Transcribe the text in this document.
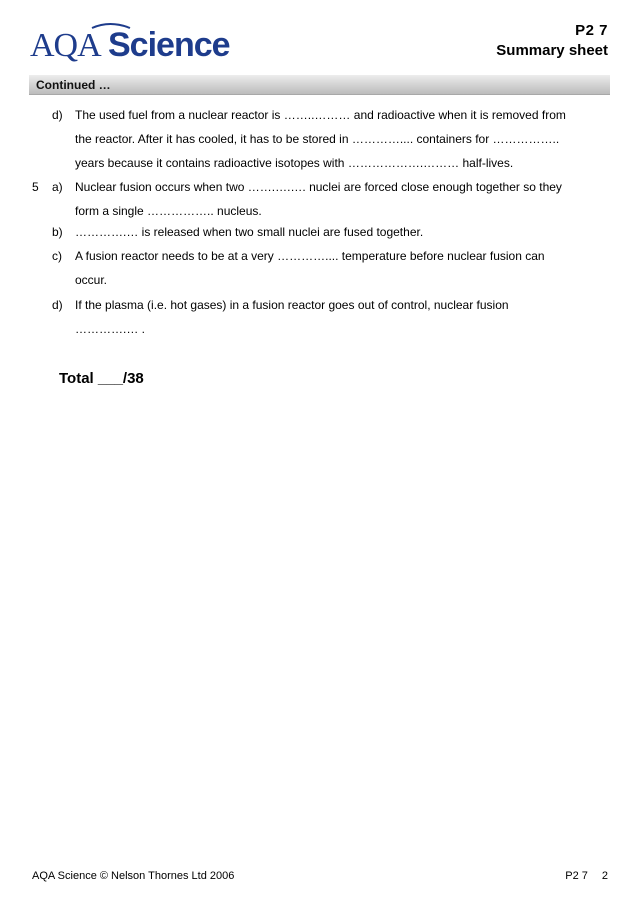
AQA Science	P2 7
Summary sheet
Continued …
d) The used fuel from a nuclear reactor is ……..……… and radioactive when it is removed from
the reactor. After it has cooled, it has to be stored in ………….... containers for ……………..
years because it contains radioactive isotopes with ……………….……… half-lives.
5 a) Nuclear fusion occurs when two …….….…. nuclei are forced close enough together so they
form a single …………….. nucleus.
b) ………….… is released when two small nuclei are fused together.
c) A fusion reactor needs to be at a very ………….... temperature before nuclear fusion can
occur.
d) If the plasma (i.e. hot gases) in a fusion reactor goes out of control, nuclear fusion
………….… .
Total ___/38
AQA Science © Nelson Thornes Ltd 2006	P2 7 2
